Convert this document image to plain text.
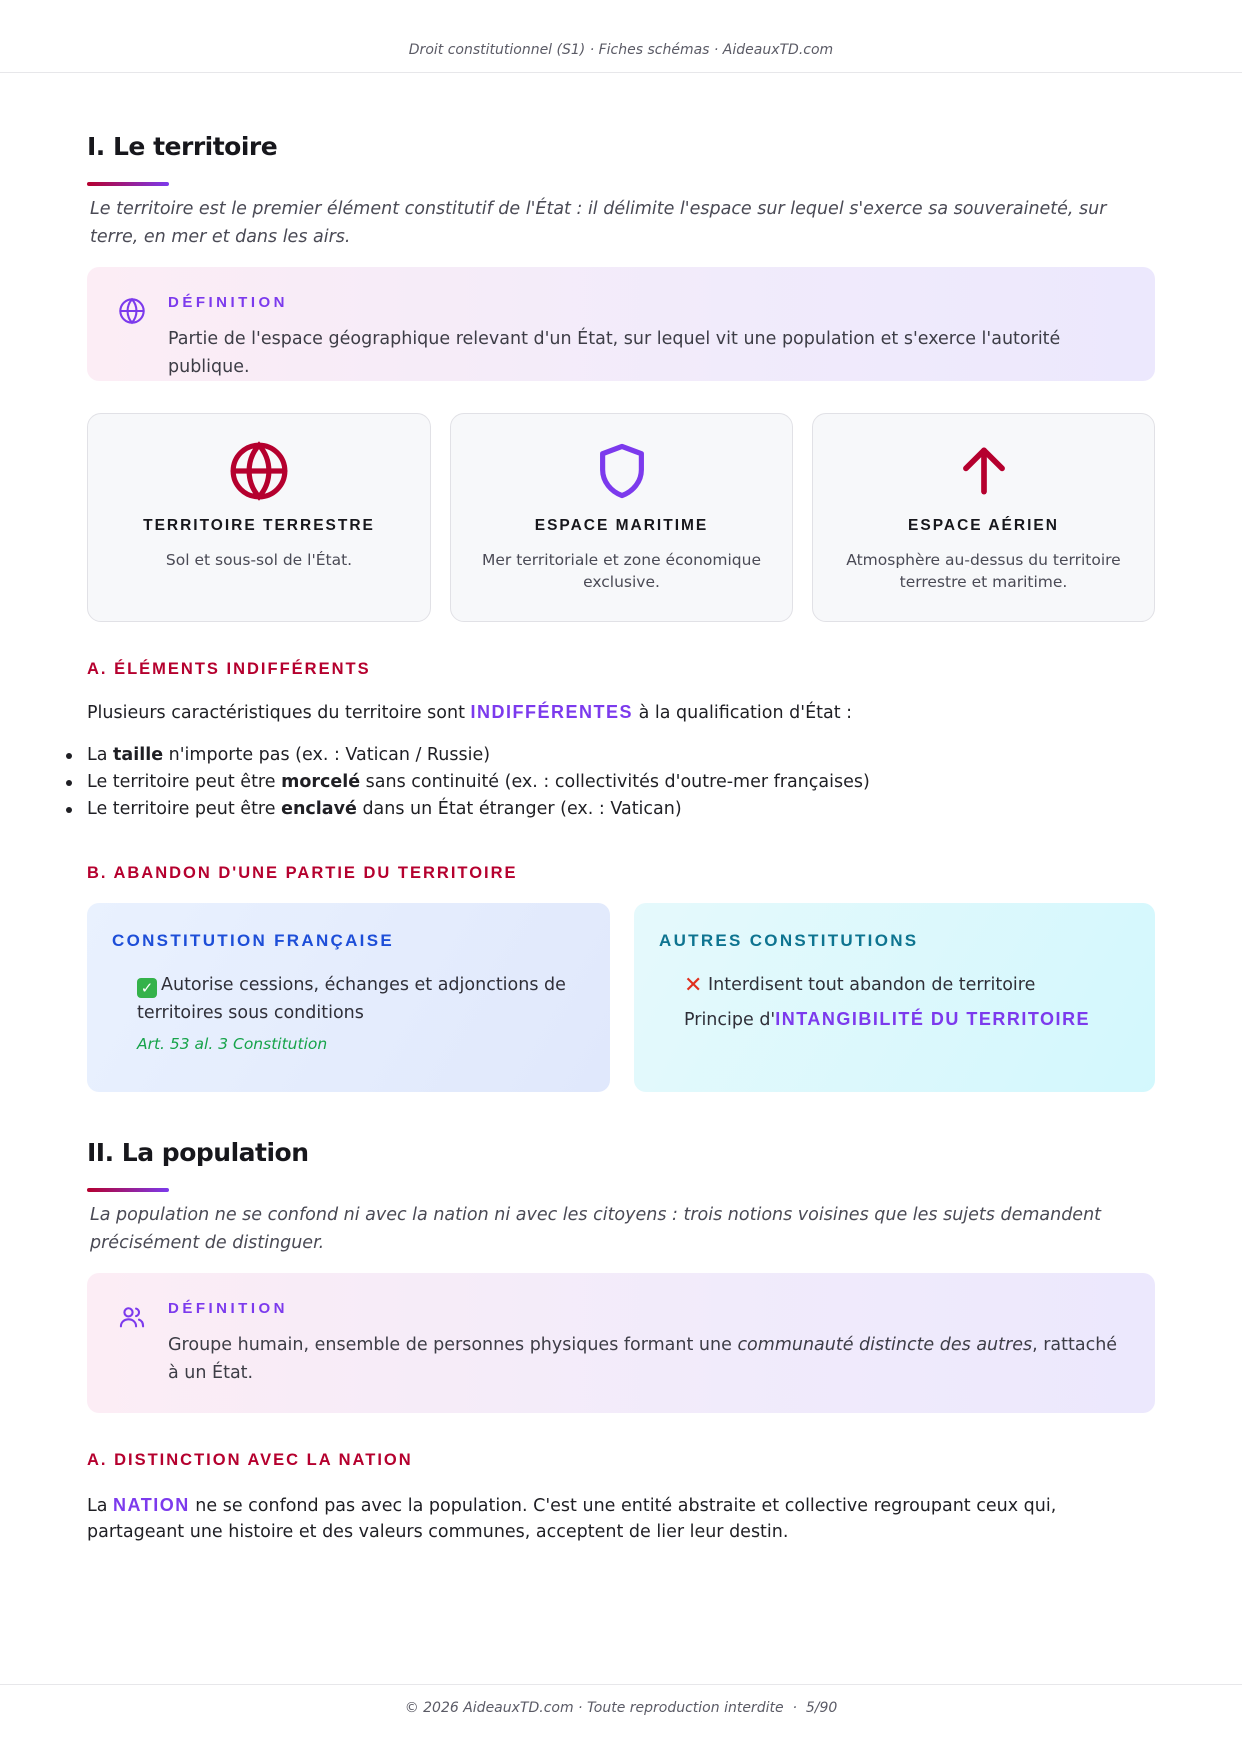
Droit constitutionnel (S1) · Fiches schémas · AideauxTD.com
I. Le territoire
Le territoire est le premier élément constitutif de l'État : il délimite l'espace sur lequel s'exerce sa souveraineté, sur terre, en mer et dans les airs.
DÉFINITION
Partie de l'espace géographique relevant d'un État, sur lequel vit une population et s'exerce l'autorité publique.
TERRITOIRE TERRESTRE
Sol et sous-sol de l'État.
ESPACE MARITIME
Mer territoriale et zone économique exclusive.
ESPACE AÉRIEN
Atmosphère au-dessus du territoire terrestre et maritime.
A. ÉLÉMENTS INDIFFÉRENTS
Plusieurs caractéristiques du territoire sont INDIFFÉRENTES à la qualification d'État :
La taille n'importe pas (ex. : Vatican / Russie)
Le territoire peut être morcelé sans continuité (ex. : collectivités d'outre-mer françaises)
Le territoire peut être enclavé dans un État étranger (ex. : Vatican)
B. ABANDON D'UNE PARTIE DU TERRITOIRE
CONSTITUTION FRANÇAISE
✓ Autorise cessions, échanges et adjonctions de territoires sous conditions
Art. 53 al. 3 Constitution
AUTRES CONSTITUTIONS
✕ Interdisent tout abandon de territoire
Principe d'INTANGIBILITÉ DU TERRITOIRE
II. La population
La population ne se confond ni avec la nation ni avec les citoyens : trois notions voisines que les sujets demandent précisément de distinguer.
DÉFINITION
Groupe humain, ensemble de personnes physiques formant une communauté distincte des autres, rattaché à un État.
A. DISTINCTION AVEC LA NATION
La NATION ne se confond pas avec la population. C'est une entité abstraite et collective regroupant ceux qui, partageant une histoire et des valeurs communes, acceptent de lier leur destin.
© 2026 AideauxTD.com · Toute reproduction interdite  ·  5/90
